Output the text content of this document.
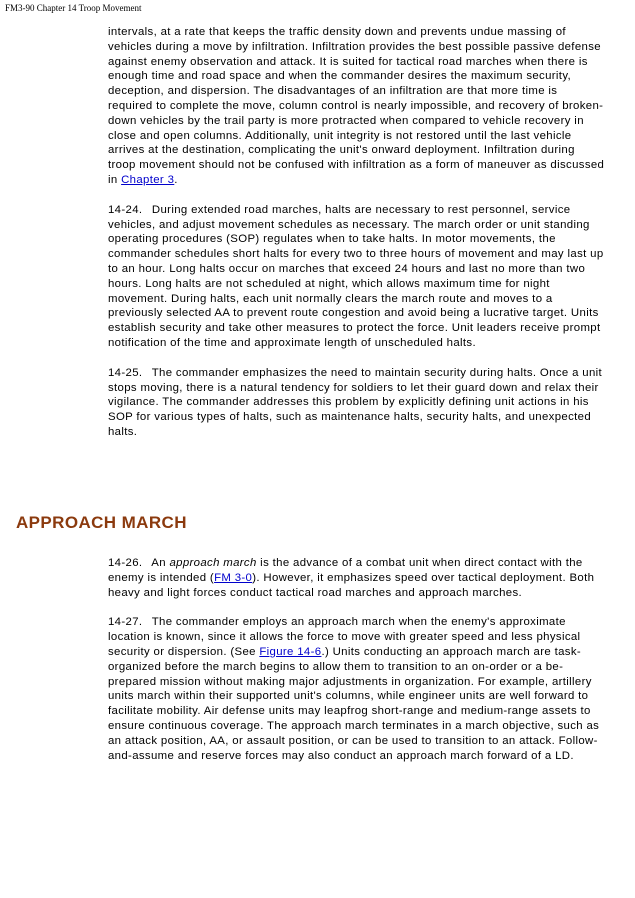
FM3-90 Chapter 14 Troop Movement

intervals, at a rate that keeps the traffic density down and prevents undue massing of vehicles during a move by infiltration. Infiltration provides the best possible passive defense against enemy observation and attack. It is suited for tactical road marches when there is enough time and road space and when the commander desires the maximum security, deception, and dispersion. The disadvantages of an infiltration are that more time is required to complete the move, column control is nearly impossible, and recovery of broken-down vehicles by the trail party is more protracted when compared to vehicle recovery in close and open columns. Additionally, unit integrity is not restored until the last vehicle arrives at the destination, complicating the unit's onward deployment. Infiltration during troop movement should not be confused with infiltration as a form of maneuver as discussed in Chapter 3.

14-24. During extended road marches, halts are necessary to rest personnel, service vehicles, and adjust movement schedules as necessary. The march order or unit standing operating procedures (SOP) regulates when to take halts. In motor movements, the commander schedules short halts for every two to three hours of movement and may last up to an hour. Long halts occur on marches that exceed 24 hours and last no more than two hours. Long halts are not scheduled at night, which allows maximum time for night movement. During halts, each unit normally clears the march route and moves to a previously selected AA to prevent route congestion and avoid being a lucrative target. Units establish security and take other measures to protect the force. Unit leaders receive prompt notification of the time and approximate length of unscheduled halts.

14-25. The commander emphasizes the need to maintain security during halts. Once a unit stops moving, there is a natural tendency for soldiers to let their guard down and relax their vigilance. The commander addresses this problem by explicitly defining unit actions in his SOP for various types of halts, such as maintenance halts, security halts, and unexpected halts.

APPROACH MARCH

14-26. An approach march is the advance of a combat unit when direct contact with the enemy is intended (FM 3-0). However, it emphasizes speed over tactical deployment. Both heavy and light forces conduct tactical road marches and approach marches.

14-27. The commander employs an approach march when the enemy's approximate location is known, since it allows the force to move with greater speed and less physical security or dispersion. (See Figure 14-6.) Units conducting an approach march are task-organized before the march begins to allow them to transition to an on-order or a be-prepared mission without making major adjustments in organization. For example, artillery units march within their supported unit's columns, while engineer units are well forward to facilitate mobility. Air defense units may leapfrog short-range and medium-range assets to ensure continuous coverage. The approach march terminates in a march objective, such as an attack position, AA, or assault position, or can be used to transition to an attack. Follow-and-assume and reserve forces may also conduct an approach march forward of a LD.
